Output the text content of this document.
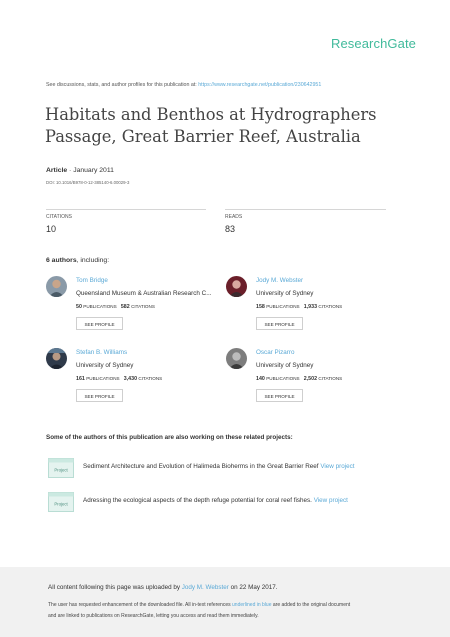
ResearchGate
See discussions, stats, and author profiles for this publication at: https://www.researchgate.net/publication/230642951
Habitats and Benthos at Hydrographers Passage, Great Barrier Reef, Australia
Article · January 2011
DOI: 10.1016/B978-0-12-385140-6.00029-3
CITATIONS
10
READS
83
6 authors, including:
Tom Bridge
Queensland Museum & Australian Research C...
50 PUBLICATIONS 582 CITATIONS
SEE PROFILE
Jody M. Webster
University of Sydney
158 PUBLICATIONS 1,933 CITATIONS
SEE PROFILE
Stefan B. Williams
University of Sydney
161 PUBLICATIONS 3,430 CITATIONS
SEE PROFILE
Oscar Pizarro
University of Sydney
140 PUBLICATIONS 2,502 CITATIONS
SEE PROFILE
Some of the authors of this publication are also working on these related projects:
Project Sediment Architecture and Evolution of Halimeda Bioherms in the Great Barrier Reef View project
Project Adressing the ecological aspects of the depth refuge potential for coral reef fishes. View project
All content following this page was uploaded by Jody M. Webster on 22 May 2017.
The user has requested enhancement of the downloaded file. All in-text references underlined in blue are added to the original document
and are linked to publications on ResearchGate, letting you access and read them immediately.
